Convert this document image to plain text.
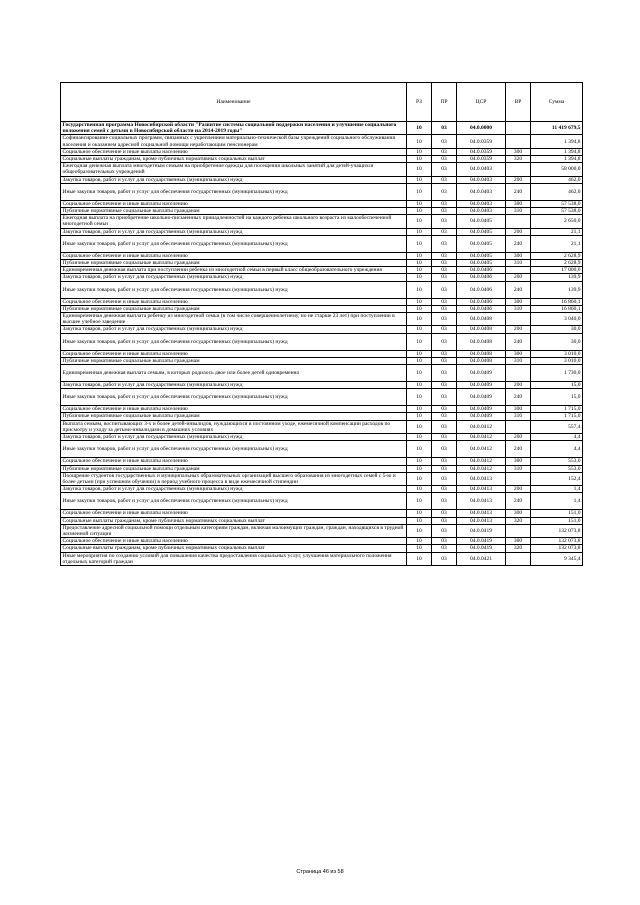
Наименование	РЗ	ПР	ЦСР	ВР	Сумма
Государственная программа Новосибирской области "Развитие системы социальной поддержки населения и улучшение социального положения семей с детьми в Новосибирской области на 2014-2019 годы"	10	03	04.0.0000		11 419 679,5
Софинансирование социальных программ, связанных с укреплением материально-технической базы учреждений социального обслуживания населения и оказанием адресной социальной помощи неработающим пенсионерам	10	03	04.0.0359		1 394,8
Социальное обеспечение и иные выплаты населению	10	03	04.0.0359	300	1 394,8
Социальные выплаты гражданам, кроме публичных нормативных социальных выплат	10	03	04.0.0359	320	1 394,8
Ежегодная денежная выплата многодетным семьям на приобретение одежды для посещения школьных занятий для детей-учащихся общеобразовательных учреждений	10	03	04.0.0403		58 000,0
Закупка товаров, работ и услуг для государственных (муниципальных) нужд	10	03	04.0.0403	200	462,0
Иные закупки товаров, работ и услуг для обеспечения государственных (муниципальных) нужд	10	03	04.0.0403	240	462,0
Социальное обеспечение и иные выплаты населению	10	03	04.0.0403	300	57 538,0
Публичные нормативные социальные выплаты гражданам	10	03	04.0.0403	310	57 538,0
Ежегодная выплата на приобретение школьно-письменных принадлежностей на каждого ребенка школьного возраста из малообеспеченной многодетной семьи	10	03	04.0.0405		2 650,0
Закупка товаров, работ и услуг для государственных (муниципальных) нужд	10	03	04.0.0405	200	21,1
Иные закупки товаров, работ и услуг для обеспечения государственных (муниципальных) нужд	10	03	04.0.0405	240	21,1
Социальное обеспечение и иные выплаты населению	10	03	04.0.0405	300	2 628,9
Публичные нормативные социальные выплаты гражданам	10	03	04.0.0405	310	2 628,9
Единовременная денежная выплата при поступлении ребенка из многодетной семьи в первый класс общеобразовательного учреждения	10	03	04.0.0406		17 000,0
Закупка товаров, работ и услуг для государственных (муниципальных) нужд	10	03	04.0.0406	200	139,9
Иные закупки товаров, работ и услуг для обеспечения государственных (муниципальных) нужд	10	03	04.0.0406	240	139,9
Социальное обеспечение и иные выплаты населению	10	03	04.0.0406	300	16 860,1
Публичные нормативные социальные выплаты гражданам	10	03	04.0.0406	310	16 860,1
Единовременная денежная выплата ребенку из многодетной семьи (в том числе совершеннолетнему, но не старше 23 лет) при поступлении в высшее учебное заведение	10	03	04.0.0408		3 040,0
Закупка товаров, работ и услуг для государственных (муниципальных) нужд	10	03	04.0.0408	200	30,0
Иные закупки товаров, работ и услуг для обеспечения государственных (муниципальных) нужд	10	03	04.0.0408	240	30,0
Социальное обеспечение и иные выплаты населению	10	03	04.0.0408	300	3 010,0
Публичные нормативные социальные выплаты гражданам	10	03	04.0.0408	310	3 010,0
Единовременная денежная выплата семьям, в которых родилось двое или более детей одновременно	10	03	04.0.0409		1 730,0
Закупка товаров, работ и услуг для государственных (муниципальных) нужд	10	03	04.0.0409	200	15,0
Иные закупки товаров, работ и услуг для обеспечения государственных (муниципальных) нужд	10	03	04.0.0409	240	15,0
Социальное обеспечение и иные выплаты населению	10	03	04.0.0409	300	1 715,0
Публичные нормативные социальные выплаты гражданам	10	03	04.0.0409	310	1 715,0
Выплата семьям, воспитывающих 3-х и более детей-инвалидов, нуждающихся в постоянном уходе, ежемесячной компенсации расходов по присмотру и уходу за детьми-инвалидами в домашних условиях	10	03	04.0.0412		557,4
Закупка товаров, работ и услуг для государственных (муниципальных) нужд	10	03	04.0.0412	200	4,4
Иные закупки товаров, работ и услуг для обеспечения государственных (муниципальных) нужд	10	03	04.0.0412	240	4,4
Социальное обеспечение и иные выплаты населению	10	03	04.0.0412	300	553,0
Публичные нормативные социальные выплаты гражданам	10	03	04.0.0412	310	553,0
Поощрение студентов государственных и муниципальных образовательных организаций высшего образования из многодетных семей с 5-ю и более детьми (при успешном обучении) в период учебного процесса в виде ежемесячной стипендии	10	03	04.0.0413		152,4
Закупка товаров, работ и услуг для государственных (муниципальных) нужд	10	03	04.0.0413	200	1,4
Иные закупки товаров, работ и услуг для обеспечения государственных (муниципальных) нужд	10	03	04.0.0413	240	1,4
Социальное обеспечение и иные выплаты населению	10	03	04.0.0413	300	151,0
Социальные выплаты гражданам, кроме публичных нормативных социальных выплат	10	03	04.0.0413	320	151,0
Предоставление адресной социальной помощи отдельным категориям граждан, включая малоимущих граждан, граждан, находящихся в трудной жизненной ситуации	10	03	04.0.0419		132 073,8
Социальное обеспечение и иные выплаты населению	10	03	04.0.0419	300	132 073,8
Социальные выплаты гражданам, кроме публичных нормативных социальных выплат	10	03	04.0.0419	320	132 073,8
Иные мероприятия по созданию условий для повышения качества предоставления социальных услуг, улучшения материального положения отдельных категорий граждан	10	03	04.0.0421		9 345,4
Страница 46 из 58
